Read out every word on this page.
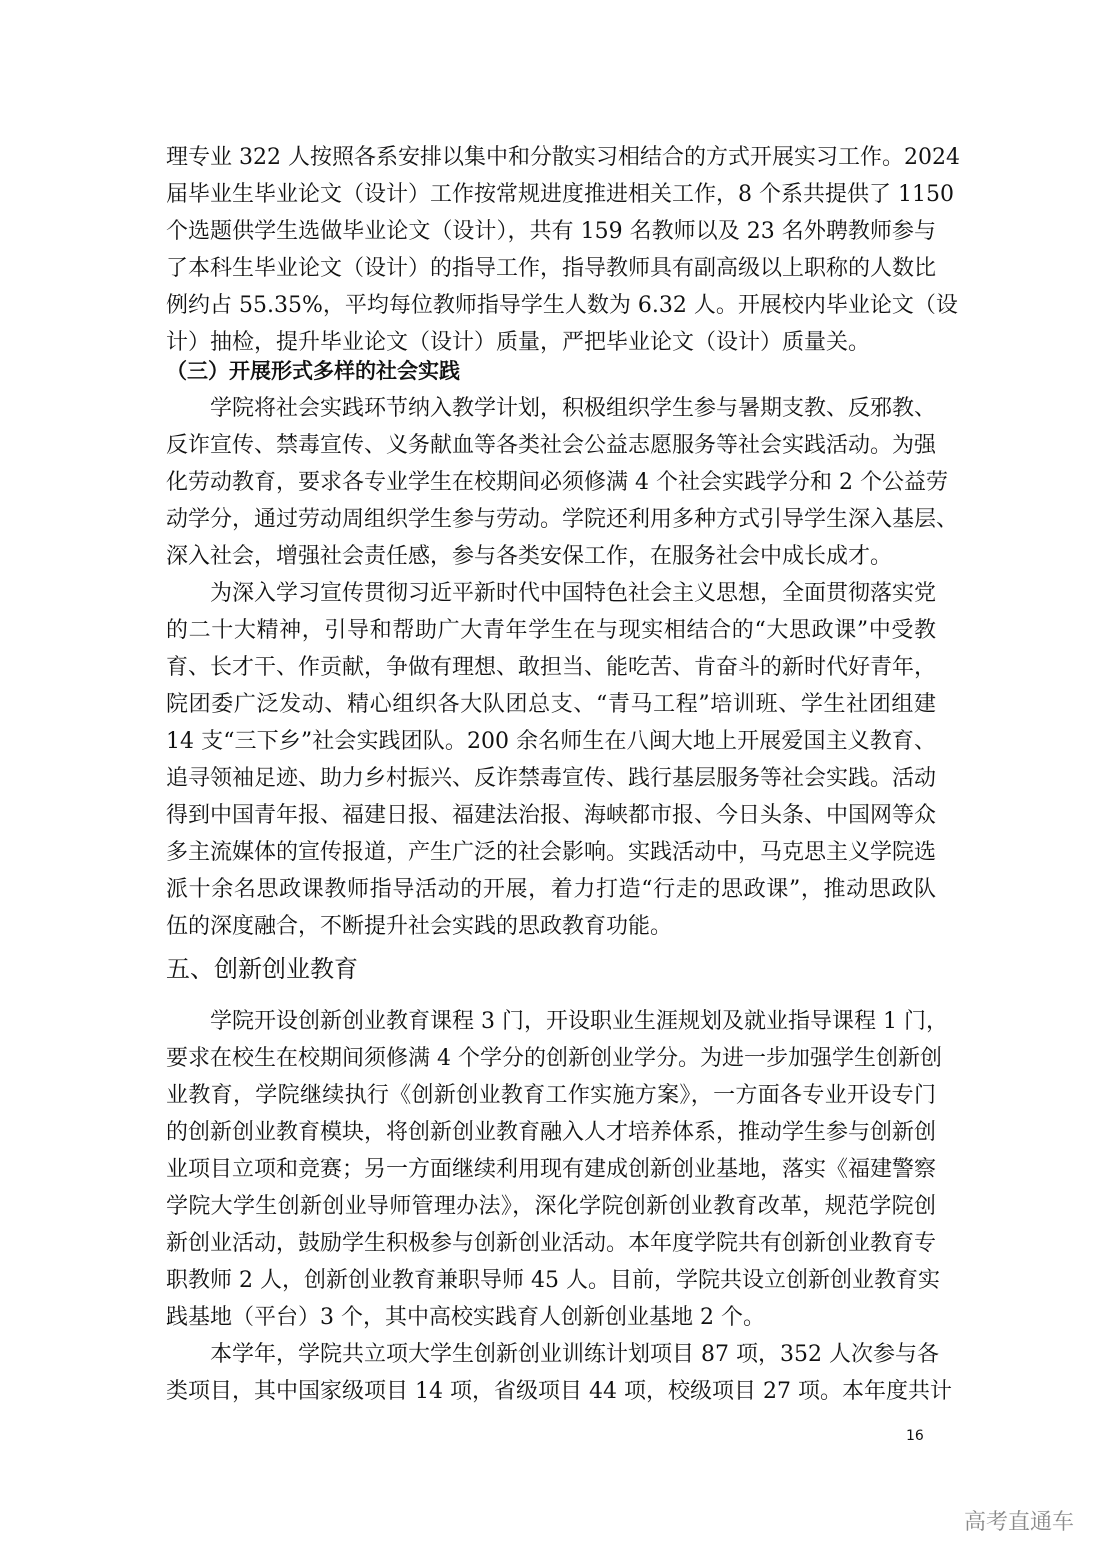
理专业 322 人按照各系安排以集中和分散实习相结合的方式开展实习工作。2024
届毕业生毕业论文（设计）工作按常规进度推进相关工作，8 个系共提供了 1150
个选题供学生选做毕业论文（设计），共有 159 名教师以及 23 名外聘教师参与
了本科生毕业论文（设计）的指导工作，指导教师具有副高级以上职称的人数比
例约占 55.35%，平均每位教师指导学生人数为 6.32 人。开展校内毕业论文（设
计）抽检，提升毕业论文（设计）质量，严把毕业论文（设计）质量关。
（三）开展形式多样的社会实践
　　学院将社会实践环节纳入教学计划，积极组织学生参与暑期支教、反邪教、
反诈宣传、禁毒宣传、义务献血等各类社会公益志愿服务等社会实践活动。为强
化劳动教育，要求各专业学生在校期间必须修满 4 个社会实践学分和 2 个公益劳
动学分，通过劳动周组织学生参与劳动。学院还利用多种方式引导学生深入基层、
深入社会，增强社会责任感，参与各类安保工作，在服务社会中成长成才。
　　为深入学习宣传贯彻习近平新时代中国特色社会主义思想，全面贯彻落实党
的二十大精神，引导和帮助广大青年学生在与现实相结合的“大思政课”中受教
育、长才干、作贡献，争做有理想、敢担当、能吃苦、肯奋斗的新时代好青年，
院团委广泛发动、精心组织各大队团总支、“青马工程”培训班、学生社团组建
14 支“三下乡”社会实践团队。200 余名师生在八闽大地上开展爱国主义教育、
追寻领袖足迹、助力乡村振兴、反诈禁毒宣传、践行基层服务等社会实践。活动
得到中国青年报、福建日报、福建法治报、海峡都市报、今日头条、中国网等众
多主流媒体的宣传报道，产生广泛的社会影响。实践活动中，马克思主义学院选
派十余名思政课教师指导活动的开展，着力打造“行走的思政课”，推动思政队
伍的深度融合，不断提升社会实践的思政教育功能。
五、创新创业教育
　　学院开设创新创业教育课程 3 门，开设职业生涯规划及就业指导课程 1 门，
要求在校生在校期间须修满 4 个学分的创新创业学分。为进一步加强学生创新创
业教育，学院继续执行《创新创业教育工作实施方案》，一方面各专业开设专门
的创新创业教育模块，将创新创业教育融入人才培养体系，推动学生参与创新创
业项目立项和竞赛；另一方面继续利用现有建成创新创业基地，落实《福建警察
学院大学生创新创业导师管理办法》，深化学院创新创业教育改革，规范学院创
新创业活动，鼓励学生积极参与创新创业活动。本年度学院共有创新创业教育专
职教师 2 人，创新创业教育兼职导师 45 人。目前，学院共设立创新创业教育实
践基地（平台）3 个，其中高校实践育人创新创业基地 2 个。
　　本学年，学院共立项大学生创新创业训练计划项目 87 项，352 人次参与各
类项目，其中国家级项目 14 项，省级项目 44 项，校级项目 27 项。本年度共计
16
高考直通车
